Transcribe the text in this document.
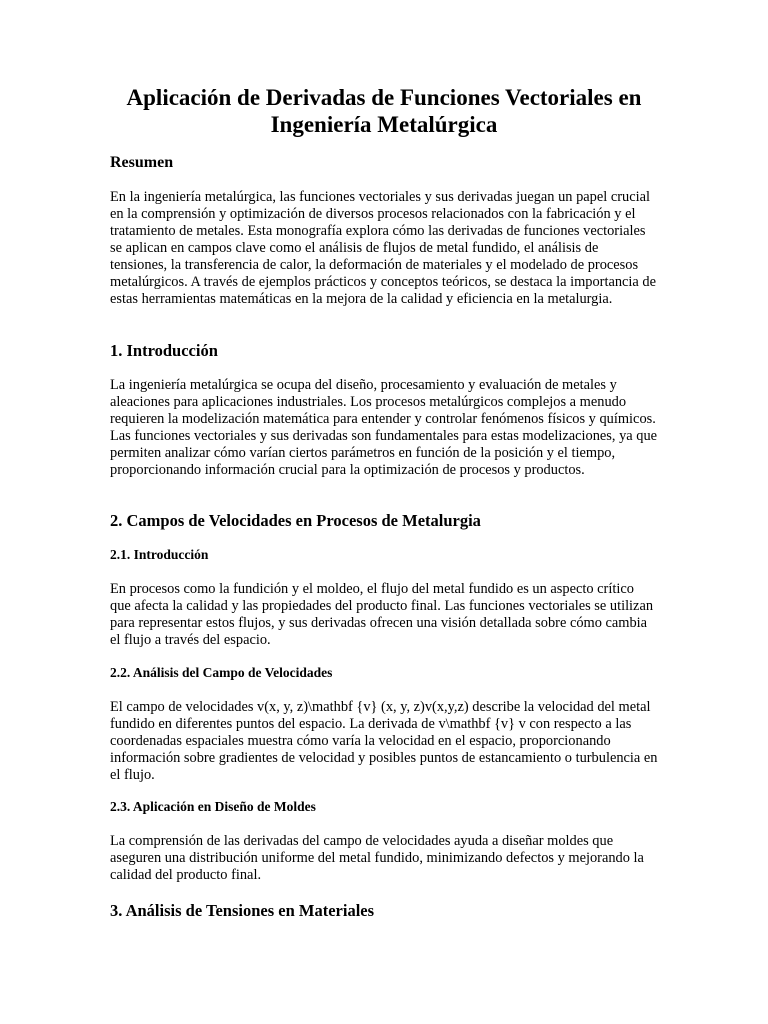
Aplicación de Derivadas de Funciones Vectoriales en Ingeniería Metalúrgica
Resumen

En la ingeniería metalúrgica, las funciones vectoriales y sus derivadas juegan un papel crucial en la comprensión y optimización de diversos procesos relacionados con la fabricación y el tratamiento de metales. Esta monografía explora cómo las derivadas de funciones vectoriales se aplican en campos clave como el análisis de flujos de metal fundido, el análisis de tensiones, la transferencia de calor, la deformación de materiales y el modelado de procesos metalúrgicos. A través de ejemplos prácticos y conceptos teóricos, se destaca la importancia de estas herramientas matemáticas en la mejora de la calidad y eficiencia en la metalurgia.

1. Introducción

La ingeniería metalúrgica se ocupa del diseño, procesamiento y evaluación de metales y aleaciones para aplicaciones industriales. Los procesos metalúrgicos complejos a menudo requieren la modelización matemática para entender y controlar fenómenos físicos y químicos. Las funciones vectoriales y sus derivadas son fundamentales para estas modelizaciones, ya que permiten analizar cómo varían ciertos parámetros en función de la posición y el tiempo, proporcionando información crucial para la optimización de procesos y productos.

2. Campos de Velocidades en Procesos de Metalurgia
2.1. Introducción

En procesos como la fundición y el moldeo, el flujo del metal fundido es un aspecto crítico que afecta la calidad y las propiedades del producto final. Las funciones vectoriales se utilizan para representar estos flujos, y sus derivadas ofrecen una visión detallada sobre cómo cambia el flujo a través del espacio.

2.2. Análisis del Campo de Velocidades

El campo de velocidades v(x, y, z)\mathbf {v} (x, y, z)v(x,y,z) describe la velocidad del metal fundido en diferentes puntos del espacio. La derivada de v\mathbf {v} v con respecto a las coordenadas espaciales muestra cómo varía la velocidad en el espacio, proporcionando información sobre gradientes de velocidad y posibles puntos de estancamiento o turbulencia en el flujo.

2.3. Aplicación en Diseño de Moldes

La comprensión de las derivadas del campo de velocidades ayuda a diseñar moldes que aseguren una distribución uniforme del metal fundido, minimizando defectos y mejorando la calidad del producto final.

3. Análisis de Tensiones en Materiales
